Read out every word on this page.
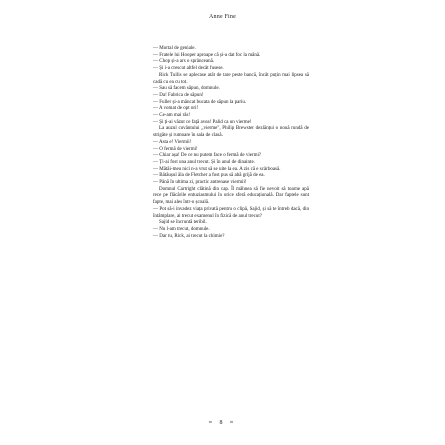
Anne Fine

— Mortal de geniale.

— Fratele lui Hooper aproape că și-a dat foc la mână.

— Chop și-a ars o sprânceană.

— Și i-a crescut altfel decât fusese.

Rick Tullis se aplecase atât de tare peste bancă, încât puțin mai lipsea să cadă cu ea cu tot.

— Sau să facem săpun, domnule.

— Da! Fabrica de săpun!

— Fuller și-a mâncat bucata de săpun la pariu.

— A vomat de opt ori!

— Ce-am mai râs!

— Și ți-ai văzut ce față avea! Palid ca un vierme!

La auzul cuvântului „vierme", Philip Brewster dezlănțui o nouă rundă de strigăte și rumoare în sala de clasă.

— Asta e! Viermii!

— O fermă de viermi!

— Chiar așa! De ce nu putem face o fermă de viermi?

— Ți-ai fost una anul trecut. Și în anul de dinainte.

— Mătăi-meu nici n-a vrut să se uite la ea. A zis că e scârboasă.

— Bătăușul ăla de Fletcher a fost pus să abă grijă de ea.

— Până în ultima zi, practic antrenase viermii!

Domnul Cartright clătină din cap. Îl mâhnea să fie nevoit să toarne apă rece pe flăcările entuziasmului în orice sferă educațională. Dar faptele sunt fapte, mai ales într-o școală.

— Pot să-i invadez viața privată pentru o clipă, Sajid, și să te întreb dacă, din întâmplare, ai trecut examenul în fizică de anul trecut?

Sajid se încruntă teribil.

— Nu l-am trecut, domnule.

— Dar tu, Rick, ai trecut la chimie?

≈ 8 ≈
